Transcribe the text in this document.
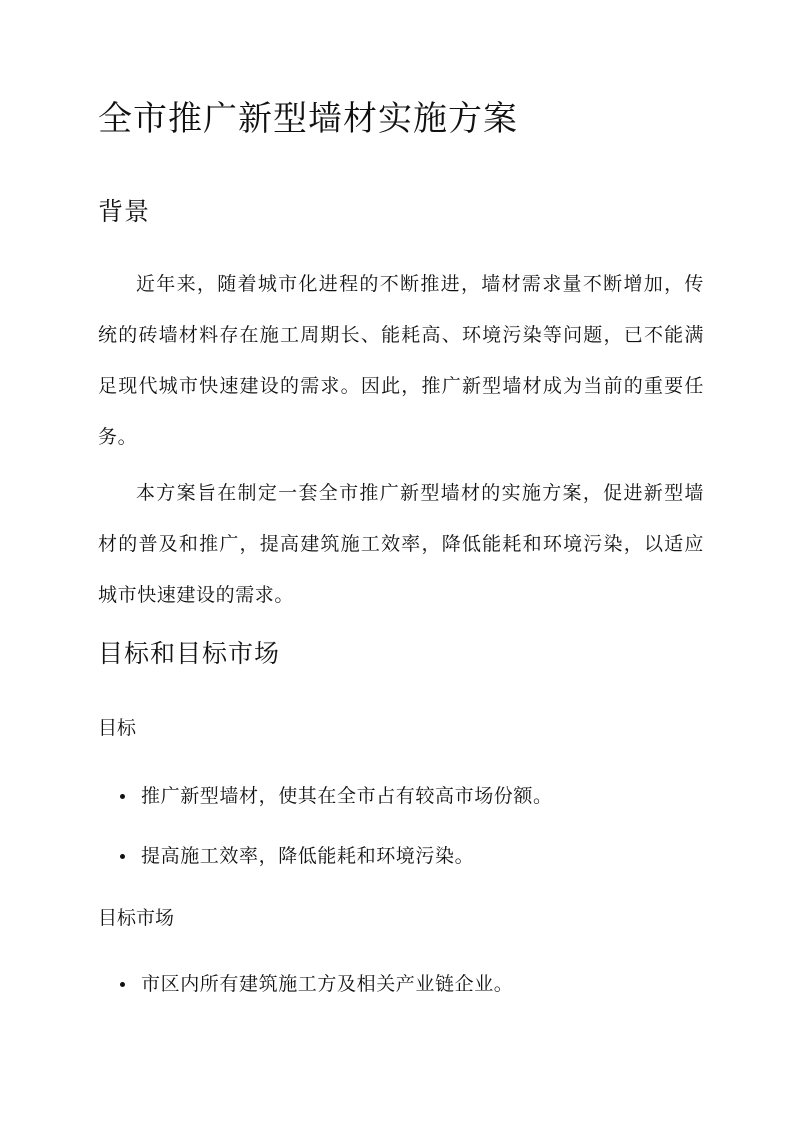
全市推广新型墙材实施方案
背景

近年来，随着城市化进程的不断推进，墙材需求量不断增加，传统的砖墙材料存在施工周期长、能耗高、环境污染等问题，已不能满足现代城市快速建设的需求。因此，推广新型墙材成为当前的重要任务。

本方案旨在制定一套全市推广新型墙材的实施方案，促进新型墙材的普及和推广，提高建筑施工效率，降低能耗和环境污染，以适应城市快速建设的需求。

目标和目标市场
目标
推广新型墙材，使其在全市占有较高市场份额。
提高施工效率，降低能耗和环境污染。
目标市场
市区内所有建筑施工方及相关产业链企业。
